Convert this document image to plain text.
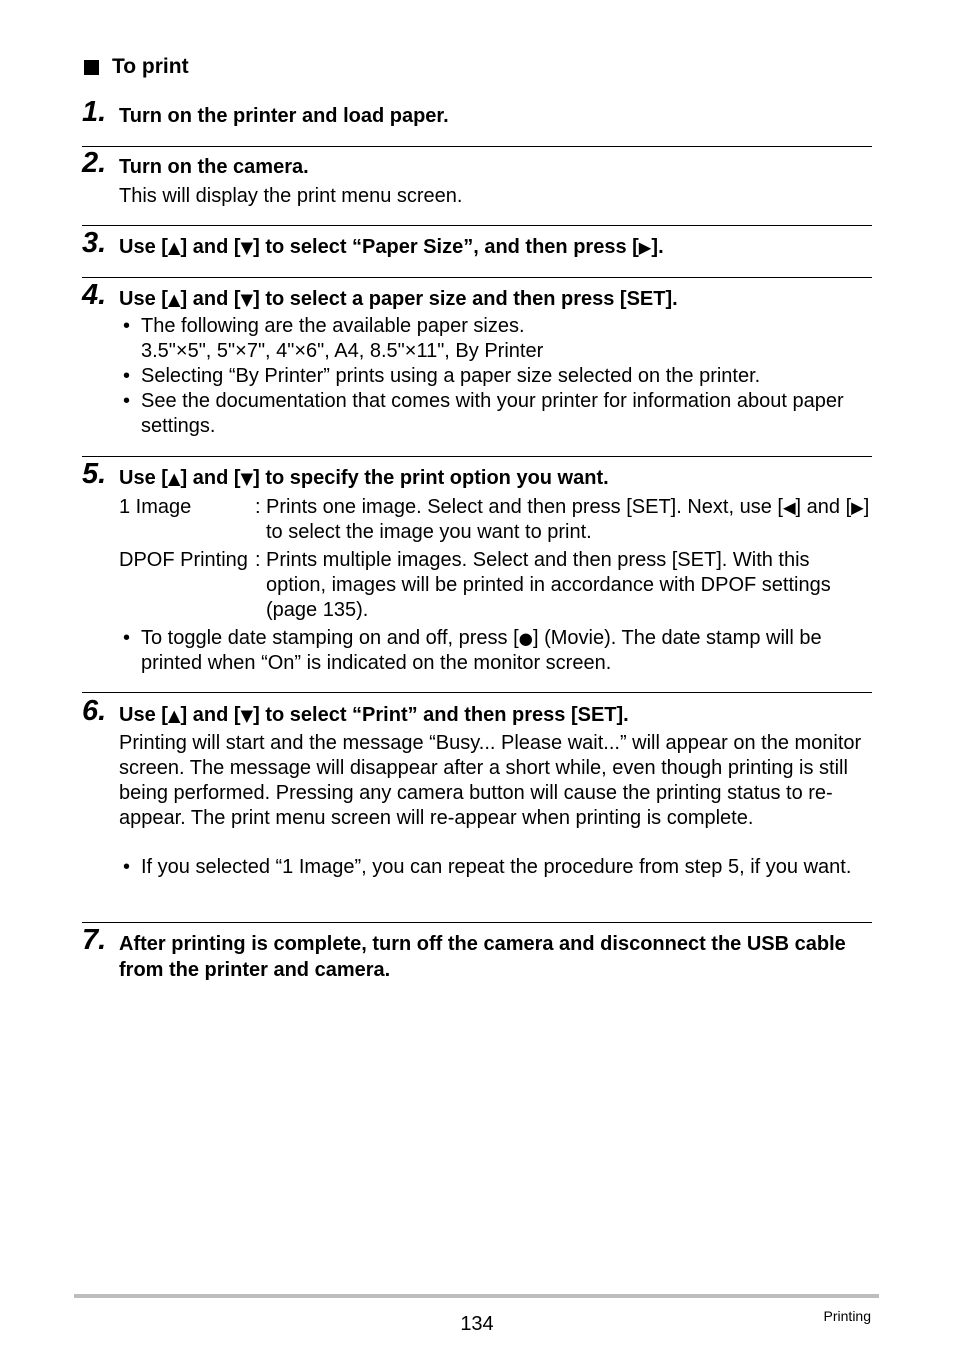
To print
1. Turn on the printer and load paper.
2. Turn on the camera.
This will display the print menu screen.
3. Use [▲] and [▼] to select “Paper Size”, and then press [▶].
4. Use [▲] and [▼] to select a paper size and then press [SET].
• The following are the available paper sizes.
3.5"×5", 5"×7", 4"×6", A4, 8.5"×11", By Printer
• Selecting “By Printer” prints using a paper size selected on the printer.
• See the documentation that comes with your printer for information about paper settings.
5. Use [▲] and [▼] to specify the print option you want.
1 Image	: Prints one image. Select and then press [SET]. Next, use [◀] and [▶] to select the image you want to print.
DPOF Printing : Prints multiple images. Select and then press [SET]. With this option, images will be printed in accordance with DPOF settings (page 135).
• To toggle date stamping on and off, press [●] (Movie). The date stamp will be printed when “On” is indicated on the monitor screen.
6. Use [▲] and [▼] to select “Print” and then press [SET].
Printing will start and the message “Busy... Please wait...” will appear on the monitor screen. The message will disappear after a short while, even though printing is still being performed. Pressing any camera button will cause the printing status to re-appear. The print menu screen will re-appear when printing is complete.
• If you selected “1 Image”, you can repeat the procedure from step 5, if you want.
7. After printing is complete, turn off the camera and disconnect the USB cable from the printer and camera.
134	Printing
